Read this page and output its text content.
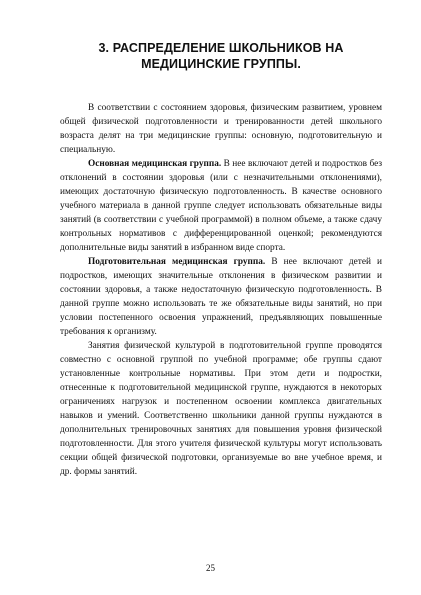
3. РАСПРЕДЕЛЕНИЕ ШКОЛЬНИКОВ НА
МЕДИЦИНСКИЕ ГРУППЫ.

В соответствии с состоянием здоровья, физическим развитием, уровнем общей физической подготовленности и тренированности детей школьного возраста делят на три медицинские группы: основную, подготовительную и специальную.

Основная медицинская группа. В нее включают детей и подростков без отклонений в состоянии здоровья (или с незначительными отклонениями), имеющих достаточную физическую подготовленность. В качестве основного учебного материала в данной группе следует использовать обязательные виды занятий (в соответствии с учебной программой) в полном объеме, а также сдачу контрольных нормативов с дифференцированной оценкой; рекомендуются дополнительные виды занятий в избранном виде спорта.

Подготовительная медицинская группа. В нее включают детей и подростков, имеющих значительные отклонения в физическом развитии и состоянии здоровья, а также недостаточную физическую подготовленность. В данной группе можно использовать те же обязательные виды занятий, но при условии постепенного освоения упражнений, предъявляющих повышенные требования к организму.

Занятия физической культурой в подготовительной группе проводятся совместно с основной группой по учебной программе; обе группы сдают установленные контрольные нормативы. При этом дети и подростки, отнесенные к подготовительной медицинской группе, нуждаются в некоторых ограничениях нагрузок и постепенном освоении комплекса двигательных навыков и умений. Соответственно школьники данной группы нуждаются в дополнительных тренировочных занятиях для повышения уровня физической подготовленности. Для этого учителя физической культуры могут использовать секции общей физической подготовки, организуемые во вне учебное время, и др. формы занятий.

25
